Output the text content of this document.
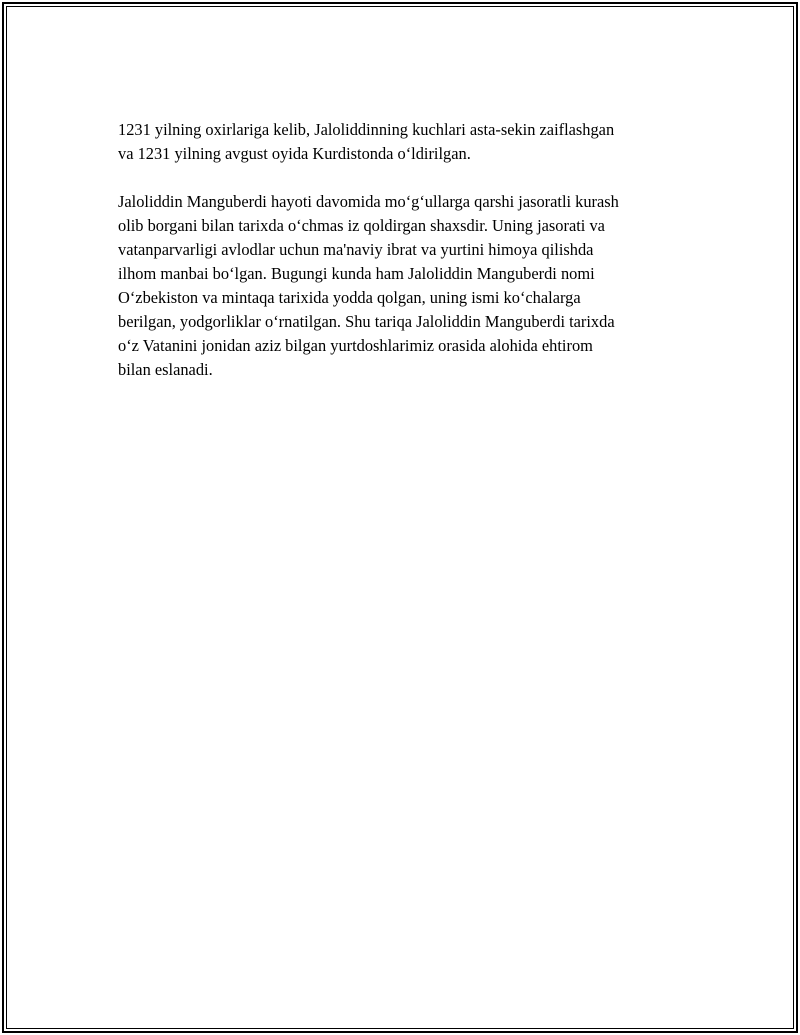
1231 yilning oxirlariga kelib, Jaloliddinning kuchlari asta-sekin zaiflashgan
va 1231 yilning avgust oyida Kurdistonda o‘ldirilgan.

Jaloliddin Manguberdi hayoti davomida mo‘g‘ullarga qarshi jasoratli kurash
olib borgani bilan tarixda o‘chmas iz qoldirgan shaxsdir. Uning jasorati va
vatanparvarligi avlodlar uchun ma'naviy ibrat va yurtini himoya qilishda
ilhom manbai bo‘lgan. Bugungi kunda ham Jaloliddin Manguberdi nomi
O‘zbekiston va mintaqa tarixida yodda qolgan, uning ismi ko‘chalarga
berilgan, yodgorliklar o‘rnatilgan. Shu tariqa Jaloliddin Manguberdi tarixda
o‘z Vatanini jonidan aziz bilgan yurtdoshlarimiz orasida alohida ehtirom
bilan eslanadi.
